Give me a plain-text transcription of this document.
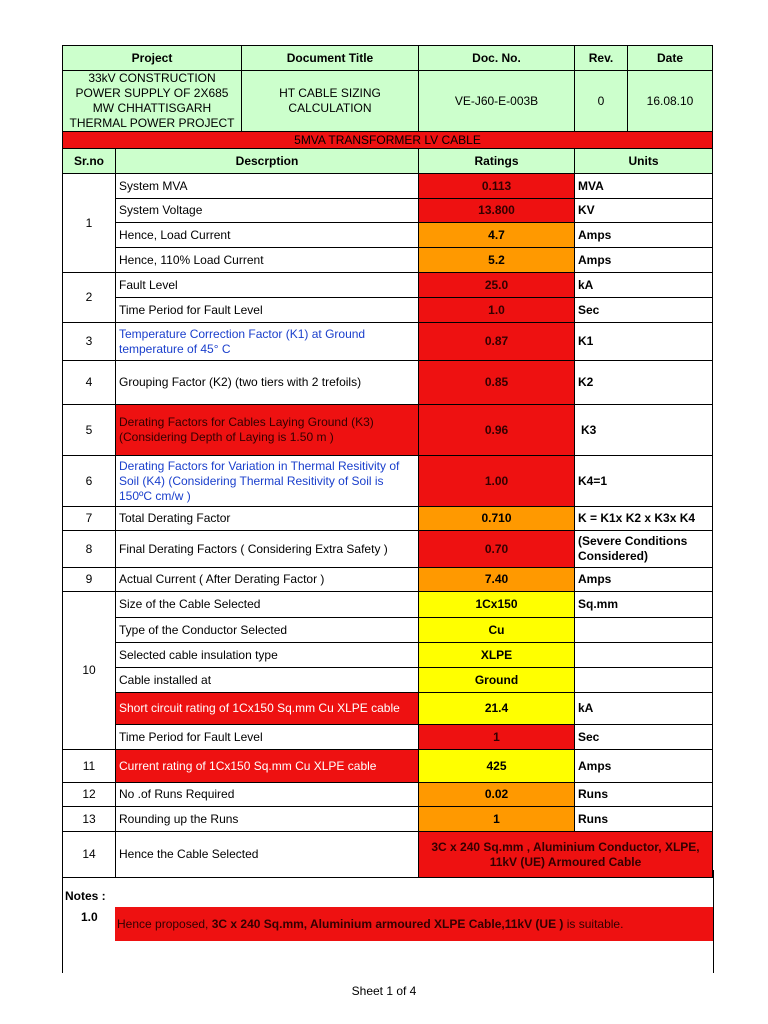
Project		Document Title	Doc. No.	Rev.	Date
33kV CONSTRUCTION POWER SUPPLY OF 2X685 MW CHHATTISGARH THERMAL POWER PROJECT		HT CABLE SIZING CALCULATION	VE-J60-E-003B	0	16.08.10
5MVA TRANSFORMER LV CABLE					
Sr.no	Descrption		Ratings	Units	
1	System MVA		0.113	MVA	
	System Voltage		13.800	KV	
	Hence, Load Current		4.7	Amps	
	Hence, 110% Load Current		5.2	Amps	
2	Fault Level		25.0	kA	
	Time Period for Fault Level		1.0	Sec	
3	Temperature Correction Factor (K1) at Ground temperature of 45° C		0.87	K1	
4	Grouping Factor (K2) (two tiers with 2 trefoils)		0.85	K2	
5	Derating Factors for Cables Laying Ground (K3) (Considering Depth of Laying is 1.50 m )		0.96	K3	
6	Derating Factors for Variation in Thermal Resitivity of Soil (K4) (Considering Thermal Resitivity of Soil is 150ºC cm/w )		1.00	K4=1	
7	Total Derating Factor		0.710	K = K1x K2 x K3x K4	
8	Final Derating Factors ( Considering Extra Safety )		0.70	(Severe Conditions Considered)	
9	Actual Current ( After Derating Factor )		7.40	Amps	
10	Size of the Cable Selected		1Cx150	Sq.mm	
	Type of the Conductor Selected		Cu		
	Selected cable insulation type		XLPE		
	Cable installed at		Ground		
	Short circuit rating of 1Cx150 Sq.mm Cu XLPE cable		21.4	kA	
	Time Period for Fault Level		1	Sec	
11	Current rating of 1Cx150 Sq.mm Cu XLPE cable		425	Amps	
12	No .of Runs Required		0.02	Runs	
13	Rounding up the Runs		1	Runs	
14	Hence the Cable Selected		3C x 240 Sq.mm , Aluminium Conductor, XLPE, 11kV (UE) Armoured Cable		
Notes :
1.0 Hence proposed, 3C x 240 Sq.mm, Aluminium armoured XLPE Cable,11kV (UE ) is suitable.
Sheet 1 of 4
